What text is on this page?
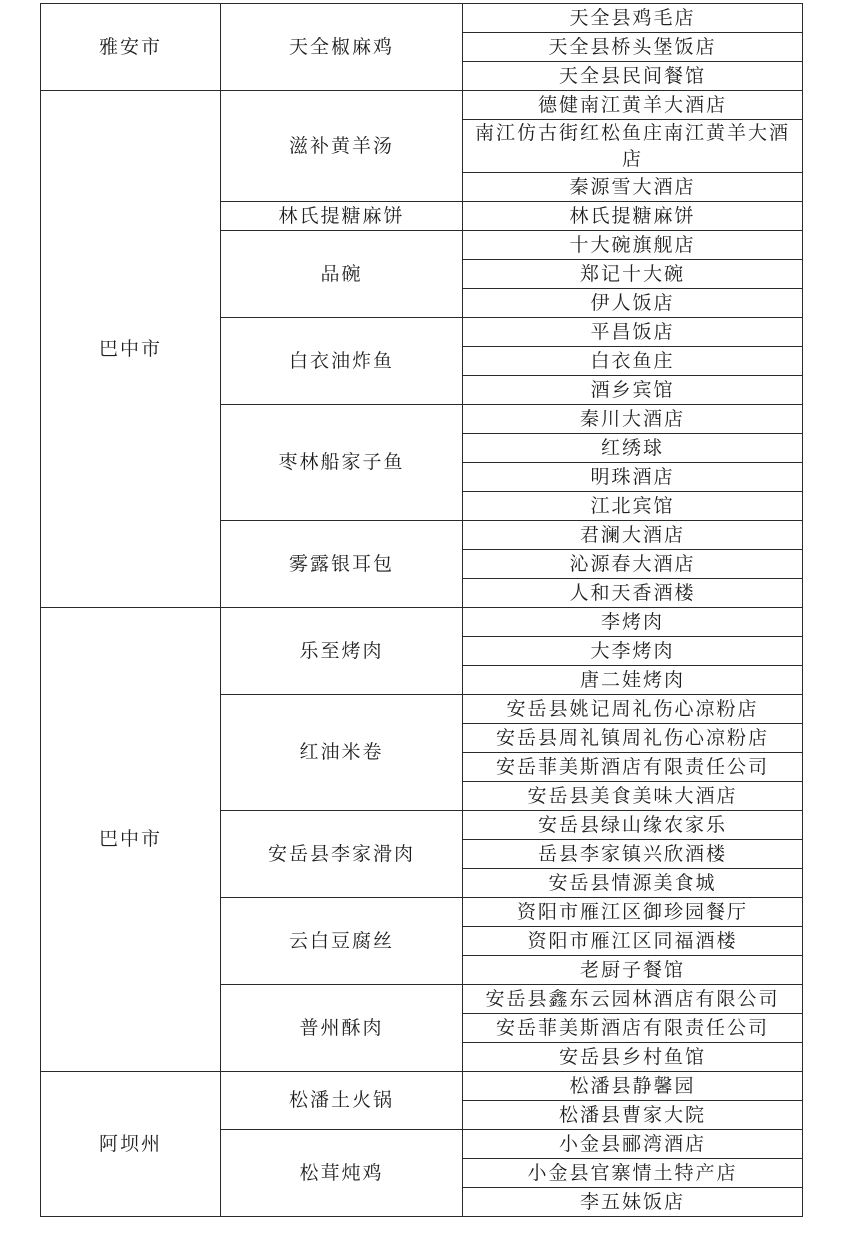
雅安市	天全椒麻鸡	天全县鸡毛店
		天全县桥头堡饭店
		天全县民间餐馆
巴中市	滋补黄羊汤	德健南江黄羊大酒店
		南江仿古街红松鱼庄南江黄羊大酒店
		秦源雪大酒店
	林氏提糖麻饼	林氏提糖麻饼
	品碗	十大碗旗舰店
		郑记十大碗
		伊人饭店
	白衣油炸鱼	平昌饭店
		白衣鱼庄
		酒乡宾馆
	枣林船家子鱼	秦川大酒店
		红绣球
		明珠酒店
		江北宾馆
	雾露银耳包	君澜大酒店
		沁源春大酒店
		人和天香酒楼
巴中市	乐至烤肉	李烤肉
		大李烤肉
		唐二娃烤肉
	红油米卷	安岳县姚记周礼伤心凉粉店
		安岳县周礼镇周礼伤心凉粉店
		安岳菲美斯酒店有限责任公司
		安岳县美食美味大酒店
	安岳县李家滑肉	安岳县绿山缘农家乐
		岳县李家镇兴欣酒楼
		安岳县情源美食城
	云白豆腐丝	资阳市雁江区御珍园餐厅
		资阳市雁江区同福酒楼
		老厨子餐馆
	普州酥肉	安岳县鑫东云园林酒店有限公司
		安岳菲美斯酒店有限责任公司
		安岳县乡村鱼馆
阿坝州	松潘土火锅	松潘县静馨园
		松潘县曹家大院
	松茸炖鸡	小金县郦湾酒店
		小金县官寨情土特产店
		李五妹饭店
